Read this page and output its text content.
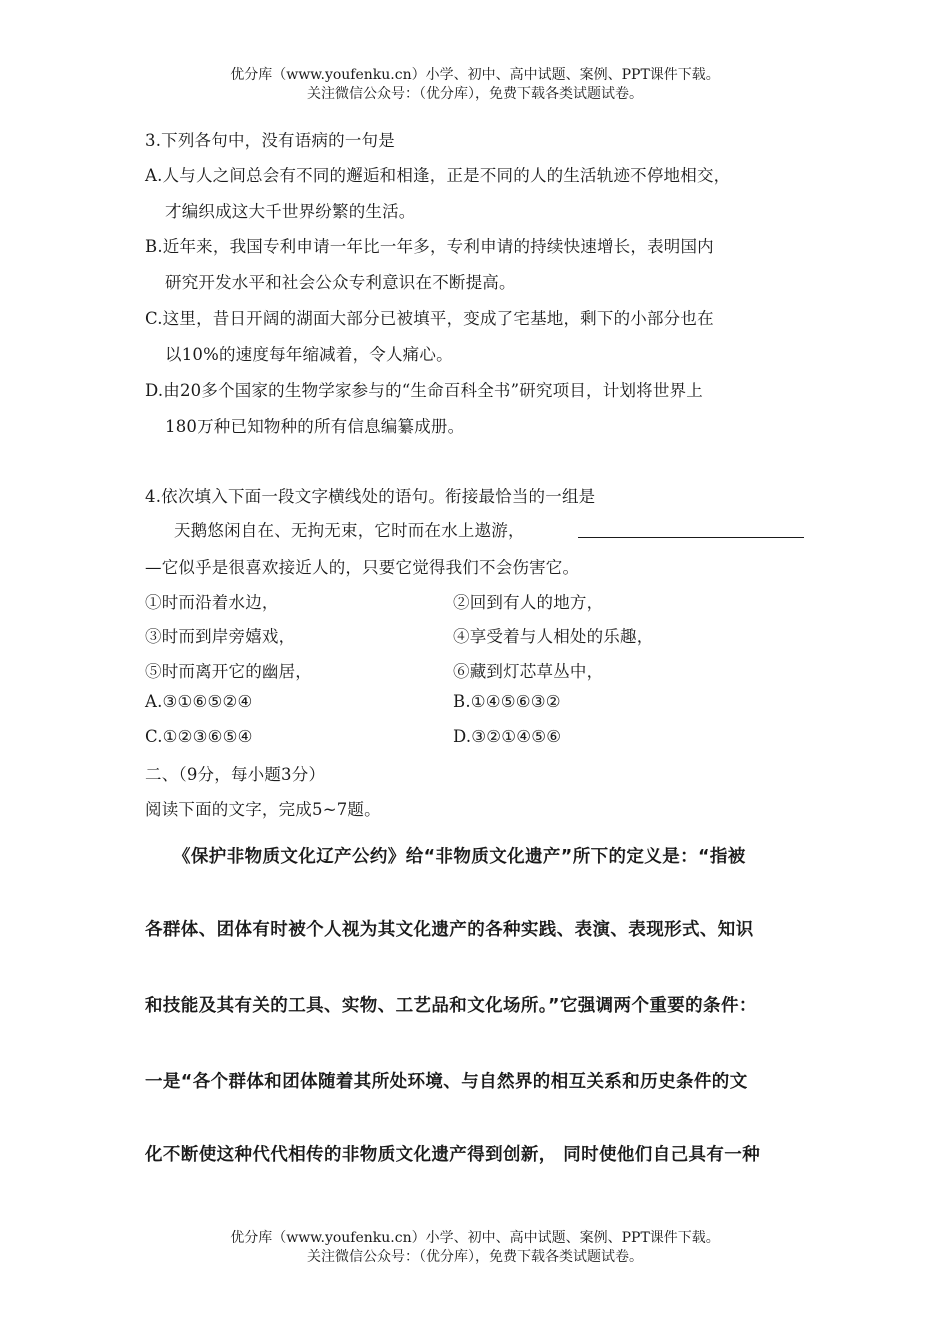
优分库（www.youfenku.cn）小学、初中、高中试题、案例、PPT课件下载。
关注微信公众号：（优分库），免费下载各类试题试卷。
3.下列各句中，没有语病的一句是
A.人与人之间总会有不同的邂逅和相逢，正是不同的人的生活轨迹不停地相交，
才编织成这大千世界纷繁的生活。
B.近年来，我国专利申请一年比一年多，专利申请的持续快速增长，表明国内
研究开发水平和社会公众专利意识在不断提高。
C.这里，昔日开阔的湖面大部分已被填平，变成了宅基地，剩下的小部分也在
以10%的速度每年缩减着，令人痛心。
D.由20多个国家的生物学家参与的“生命百科全书”研究项目，计划将世界上
180万种已知物种的所有信息编纂成册。
4.依次填入下面一段文字横线处的语句。衔接最恰当的一组是
天鹅悠闲自在、无拘无束，它时而在水上遨游，
—它似乎是很喜欢接近人的，只要它觉得我们不会伤害它。
①时而沿着水边，	②回到有人的地方，
③时而到岸旁嬉戏，	④享受着与人相处的乐趣，
⑤时而离开它的幽居，	⑥藏到灯芯草丛中，
A.③①⑥⑤②④	B.①④⑤⑥③②
C.①②③⑥⑤④	D.③②①④⑤⑥
二、（9分，每小题3分）
阅读下面的文字，完成5~7题。
《保护非物质文化辽产公约》给“非物质文化遗产”所下的定义是：“指被
各群体、团体有时被个人视为其文化遗产的各种实践、表演、表现形式、知识
和技能及其有关的工具、实物、工艺品和文化场所。”它强调两个重要的条件：
一是“各个群体和团体随着其所处环境、与自然界的相互关系和历史条件的文
化不断使这种代代相传的非物质文化遗产得到创新， 同时使他们自己具有一种
优分库（www.youfenku.cn）小学、初中、高中试题、案例、PPT课件下载。
关注微信公众号：（优分库），免费下载各类试题试卷。
